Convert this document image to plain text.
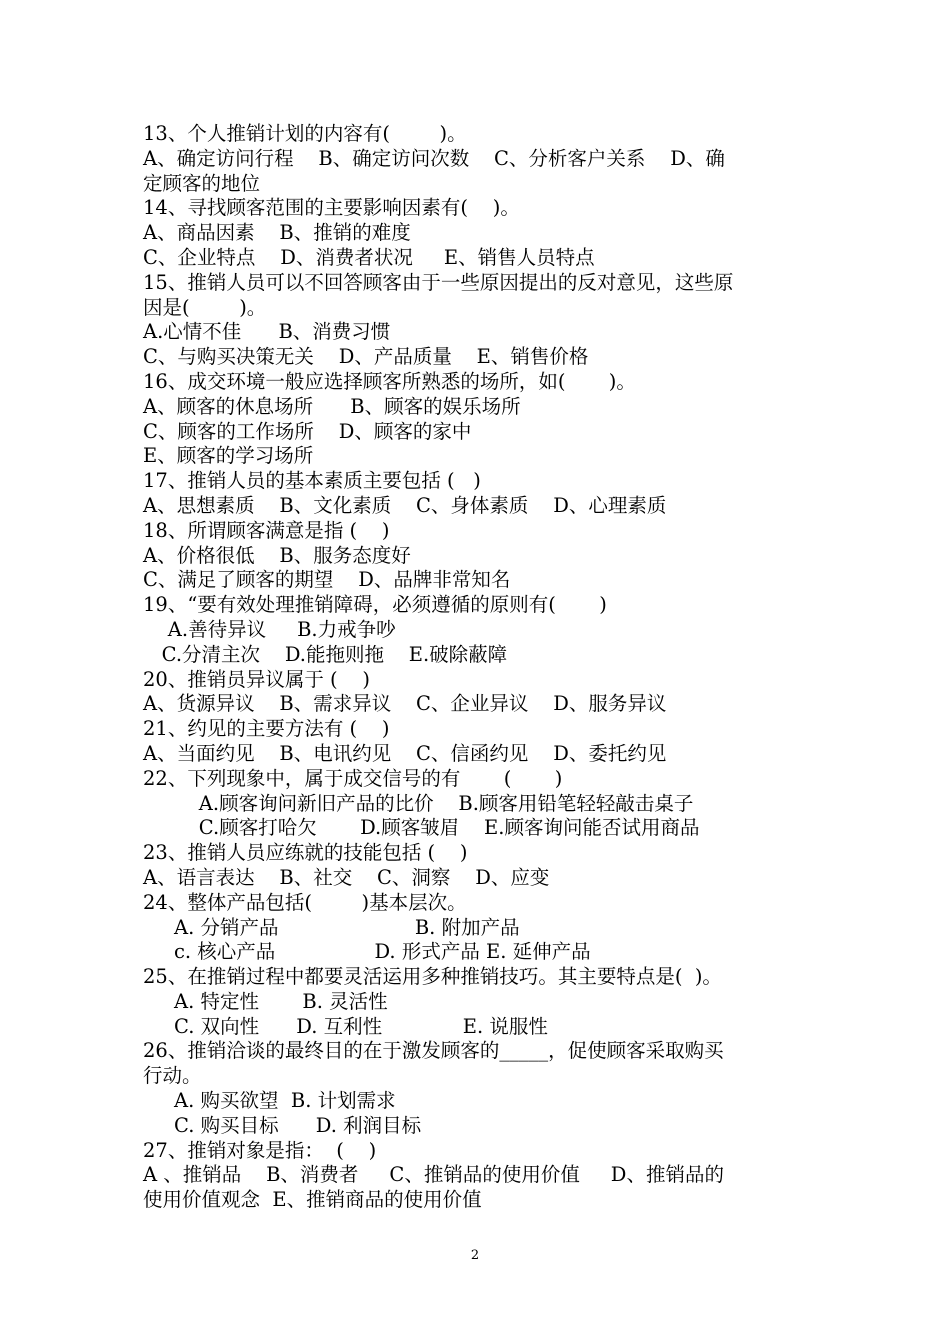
13、个人推销计划的内容有(        )。
A、确定访问行程    B、确定访问次数    C、分析客户关系    D、确
定顾客的地位
14、寻找顾客范围的主要影响因素有(    )。
A、商品因素    B、推销的难度
C、企业特点    D、消费者状况     E、销售人员特点
15、推销人员可以不回答顾客由于一些原因提出的反对意见，这些原
因是(        )。
A.心情不佳      B、消费习惯
C、与购买决策无关    D、产品质量    E、销售价格
16、成交环境一般应选择顾客所熟悉的场所，如(       )。
A、顾客的休息场所      B、顾客的娱乐场所
C、顾客的工作场所    D、顾客的家中
E、顾客的学习场所
17、推销人员的基本素质主要包括 (   )
A、思想素质    B、文化素质    C、身体素质    D、心理素质
18、所谓顾客满意是指 (    )
A、价格很低    B、服务态度好
C、满足了顾客的期望    D、品牌非常知名
19、“要有效处理推销障碍，必须遵循的原则有(       )
A.善待异议     B.力戒争吵
C.分清主次    D.能拖则拖    E.破除蔽障
20、推销员异议属于 (    )
A、货源异议    B、需求异议    C、企业异议    D、服务异议
21、约见的主要方法有 (    )
A、当面约见    B、电讯约见    C、信函约见    D、委托约见
22、下列现象中，属于成交信号的有       (       )
A.顾客询问新旧产品的比价    B.顾客用铅笔轻轻敲击桌子
C.顾客打哈欠       D.顾客皱眉    E.顾客询问能否试用商品
23、推销人员应练就的技能包括 (    )
A、语言表达    B、社交    C、洞察    D、应变
24、整体产品包括(        )基本层次。
A. 分销产品                      B. 附加产品
c. 核心产品                D. 形式产品 E. 延伸产品
25、在推销过程中都要灵活运用多种推销技巧。其主要特点是(  )。
A. 特定性       B. 灵活性
C. 双向性      D. 互利性             E. 说服性
26、推销洽谈的最终目的在于激发顾客的_____，促使顾客采取购买
行动。
A. 购买欲望  B. 计划需求
C. 购买目标      D. 利润目标
27、推销对象是指：  (    )
A 、推销品    B、消费者     C、推销品的使用价值     D、推销品的
使用价值观念  E、推销商品的使用价值
2
